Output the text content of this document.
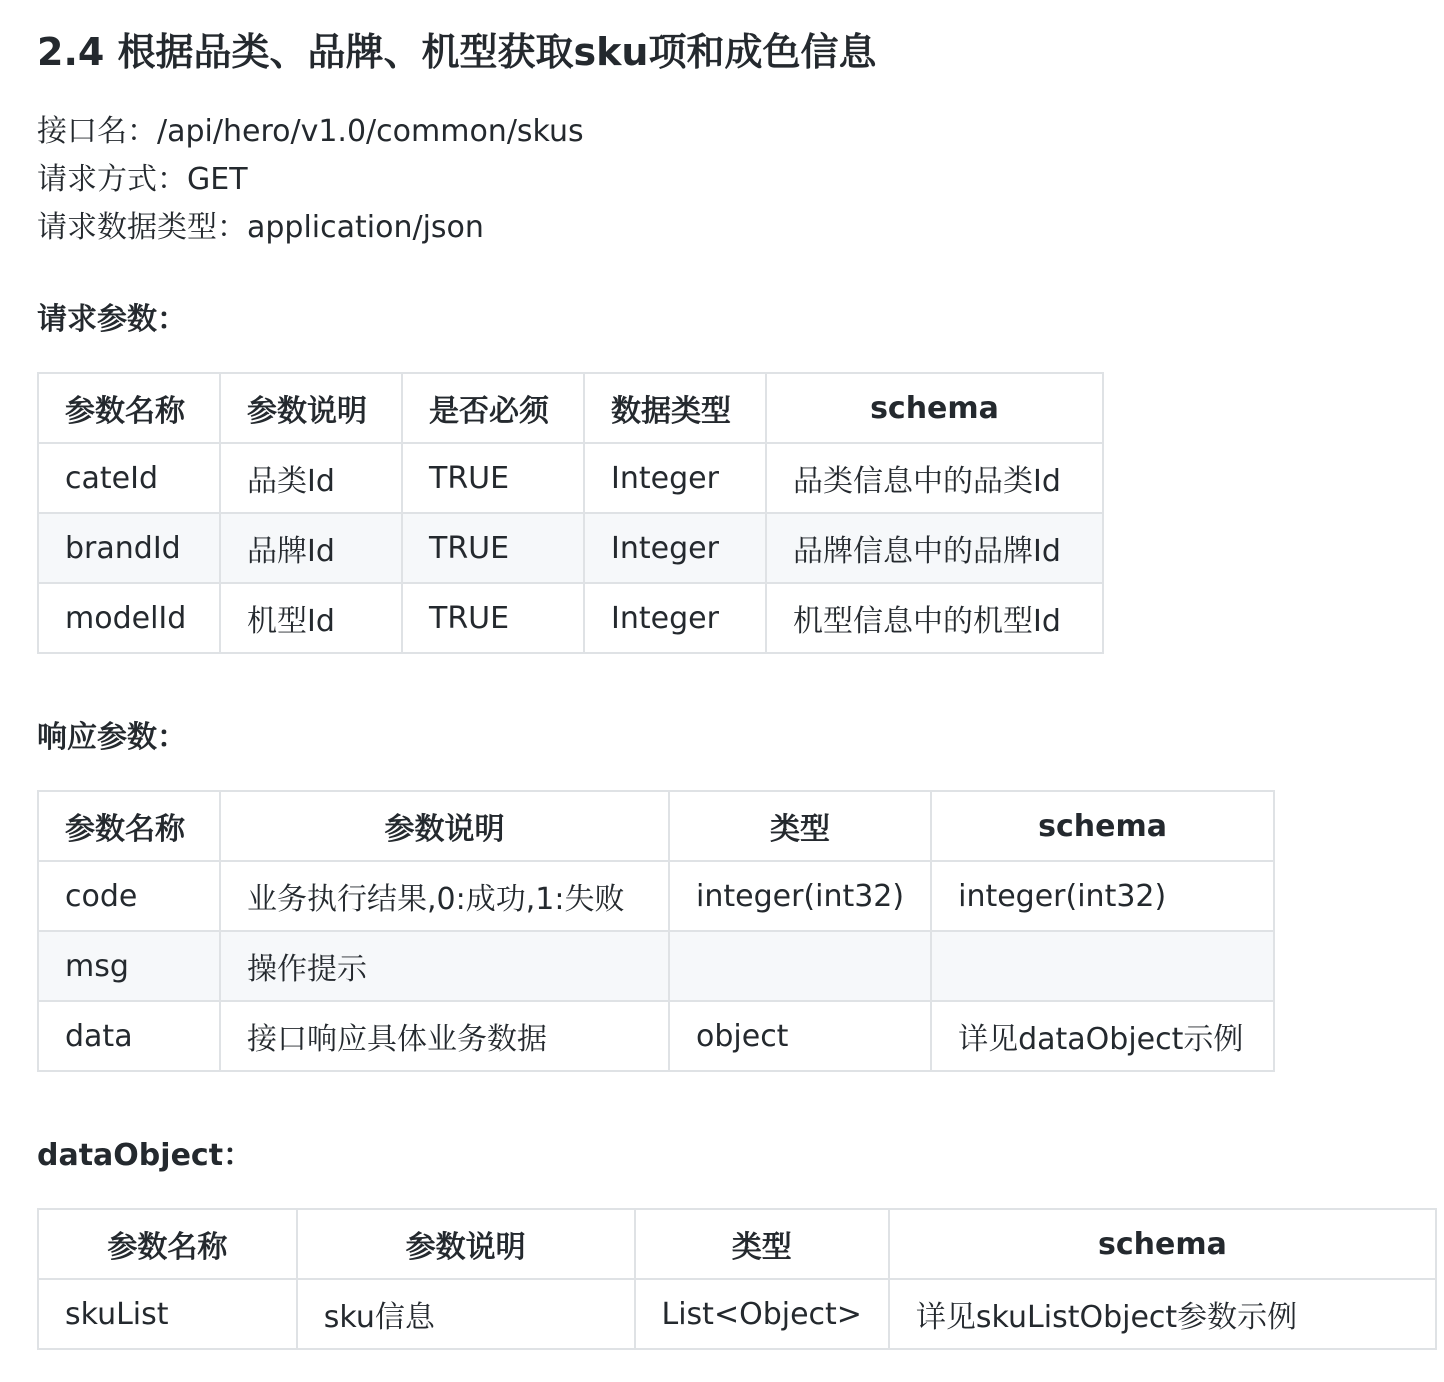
2.4 根据品类、品牌、机型获取sku项和成色信息
接口名：/api/hero/v1.0/common/skus
请求方式：GET
请求数据类型：application/json
请求参数：
参数名称	参数说明	是否必须	数据类型	schema
cateId	品类Id	TRUE	Integer	品类信息中的品类Id
brandId	品牌Id	TRUE	Integer	品牌信息中的品牌Id
modelId	机型Id	TRUE	Integer	机型信息中的机型Id
响应参数：
参数名称	参数说明	类型	schema
code	业务执行结果,0:成功,1:失败	integer(int32)	integer(int32)
msg	操作提示		
data	接口响应具体业务数据	object	详见dataObject示例
dataObject：
参数名称	参数说明	类型	schema
skuList	sku信息	List<Object>	详见skuListObject参数示例
